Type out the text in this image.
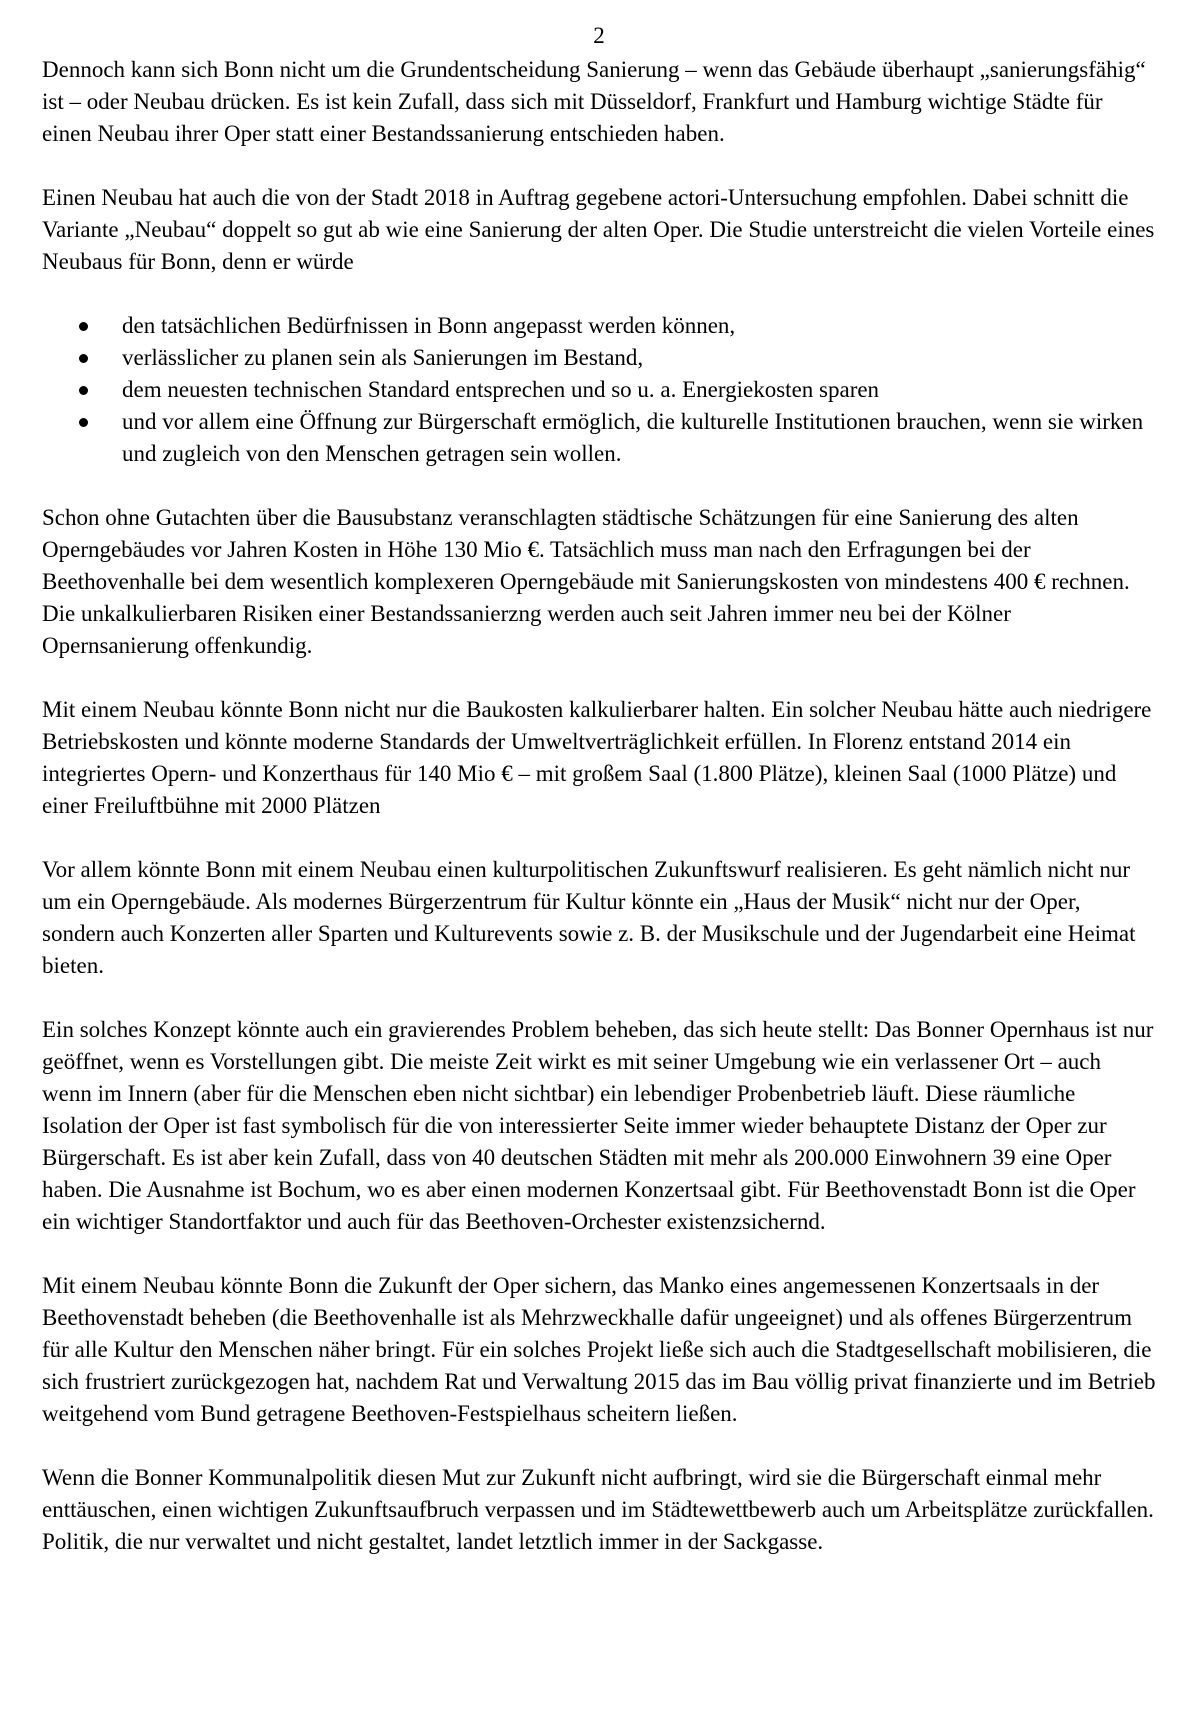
2

Dennoch kann sich Bonn nicht um die Grundentscheidung Sanierung – wenn das Gebäude überhaupt „sanierungsfähig“ ist – oder Neubau drücken. Es ist kein Zufall, dass sich mit Düsseldorf, Frankfurt und Hamburg wichtige Städte für einen Neubau ihrer Oper statt einer Bestandssanierung entschieden haben.

Einen Neubau hat auch die von der Stadt 2018 in Auftrag gegebene actori-Untersuchung empfohlen. Dabei schnitt die Variante „Neubau“ doppelt so gut ab wie eine Sanierung der alten Oper. Die Studie unterstreicht die vielen Vorteile eines Neubaus für Bonn, denn er würde

den tatsächlichen Bedürfnissen in Bonn angepasst werden können,
verlässlicher zu planen sein als Sanierungen im Bestand,
dem neuesten technischen Standard entsprechen und so u. a. Energiekosten sparen
und vor allem eine Öffnung zur Bürgerschaft ermöglich, die kulturelle Institutionen brauchen, wenn sie wirken und zugleich von den Menschen getragen sein wollen.

Schon ohne Gutachten über die Bausubstanz veranschlagten städtische Schätzungen für eine Sanierung des alten Operngebäudes vor Jahren Kosten in Höhe 130 Mio €. Tatsächlich muss man nach den Erfragungen bei der Beethovenhalle bei dem wesentlich komplexeren Operngebäude mit Sanierungskosten von mindestens 400 € rechnen. Die unkalkulierbaren Risiken einer Bestandssanierzng werden auch seit Jahren immer neu bei der Kölner Opernsanierung offenkundig.

Mit einem Neubau könnte Bonn nicht nur die Baukosten kalkulierbarer halten. Ein solcher Neubau hätte auch niedrigere Betriebskosten und könnte moderne Standards der Umweltverträglichkeit erfüllen. In Florenz entstand 2014 ein integriertes Opern- und Konzerthaus für 140 Mio € – mit großem Saal (1.800 Plätze), kleinen Saal (1000 Plätze) und einer Freiluftbühne mit 2000 Plätzen

Vor allem könnte Bonn mit einem Neubau einen kulturpolitischen Zukunftswurf realisieren. Es geht nämlich nicht nur um ein Operngebäude. Als modernes Bürgerzentrum für Kultur könnte ein „Haus der Musik“ nicht nur der Oper, sondern auch Konzerten aller Sparten und Kulturevents sowie z. B. der Musikschule und der Jugendarbeit eine Heimat bieten.

Ein solches Konzept könnte auch ein gravierendes Problem beheben, das sich heute stellt: Das Bonner Opernhaus ist nur geöffnet, wenn es Vorstellungen gibt. Die meiste Zeit wirkt es mit seiner Umgebung wie ein verlassener Ort – auch wenn im Innern (aber für die Menschen eben nicht sichtbar) ein lebendiger Probenbetrieb läuft. Diese räumliche Isolation der Oper ist fast symbolisch für die von interessierter Seite immer wieder behauptete Distanz der Oper zur Bürgerschaft. Es ist aber kein Zufall, dass von 40 deutschen Städten mit mehr als 200.000 Einwohnern 39 eine Oper haben. Die Ausnahme ist Bochum, wo es aber einen modernen Konzertsaal gibt. Für Beethovenstadt Bonn ist die Oper ein wichtiger Standortfaktor und auch für das Beethoven-Orchester existenzsichernd.

Mit einem Neubau könnte Bonn die Zukunft der Oper sichern, das Manko eines angemessenen Konzertsaals in der Beethovenstadt beheben (die Beethovenhalle ist als Mehrzweckhalle dafür ungeeignet) und als offenes Bürgerzentrum für alle Kultur den Menschen näher bringt. Für ein solches Projekt ließe sich auch die Stadtgesellschaft mobilisieren, die sich frustriert zurückgezogen hat, nachdem Rat und Verwaltung 2015 das im Bau völlig privat finanzierte und im Betrieb weitgehend vom Bund getragene Beethoven-Festspielhaus scheitern ließen.

Wenn die Bonner Kommunalpolitik diesen Mut zur Zukunft nicht aufbringt, wird sie die Bürgerschaft einmal mehr enttäuschen, einen wichtigen Zukunftsaufbruch verpassen und im Städtewettbewerb auch um Arbeitsplätze zurückfallen. Politik, die nur verwaltet und nicht gestaltet, landet letztlich immer in der Sackgasse.
